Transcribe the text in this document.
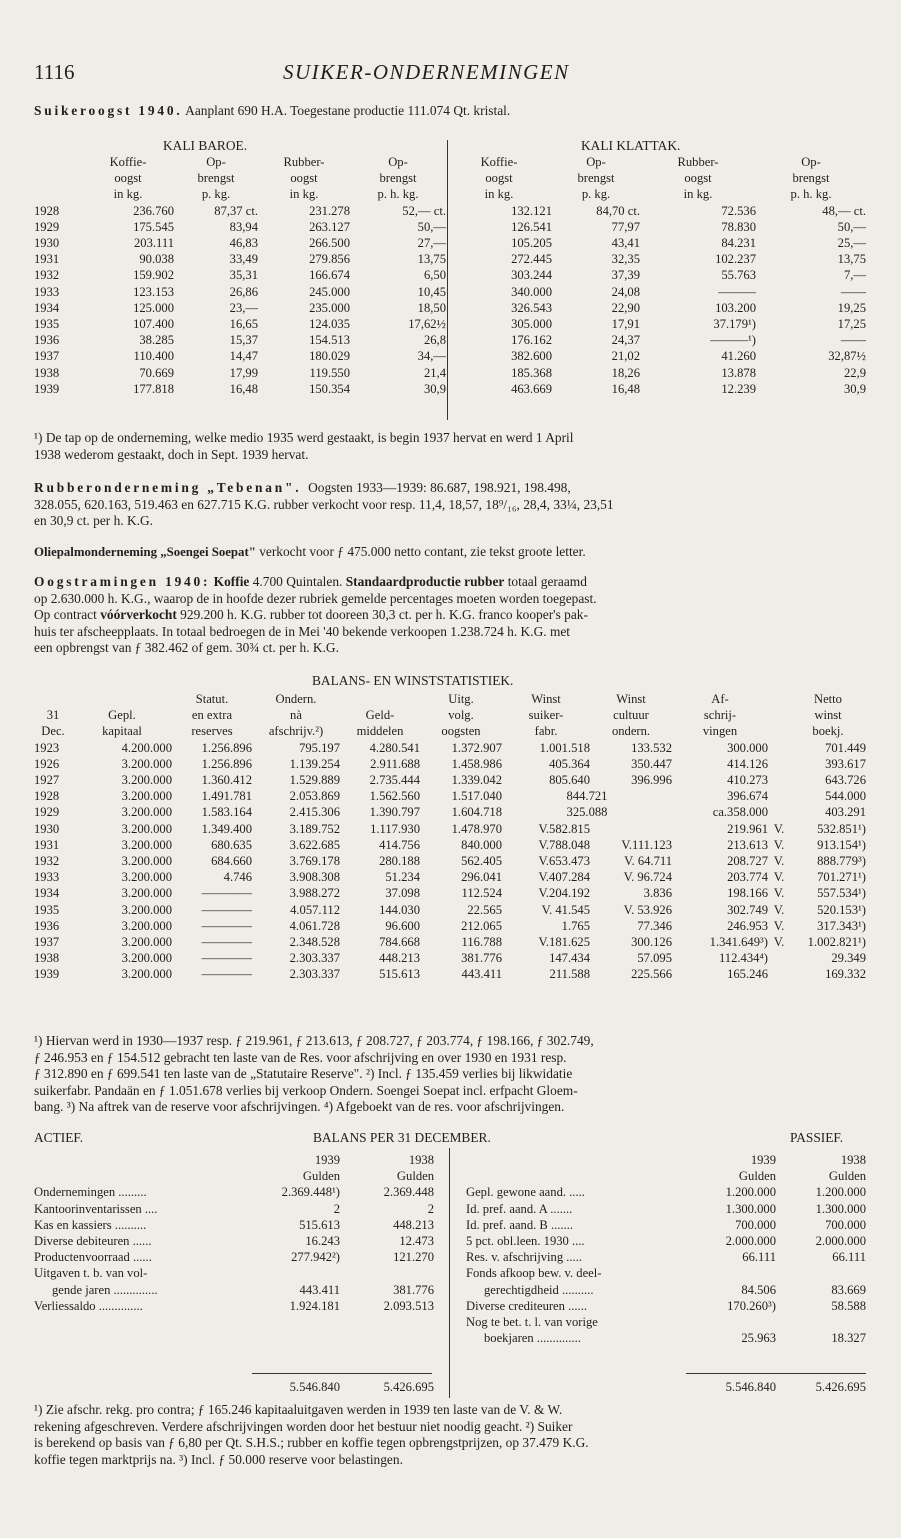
1116	SUIKER-ONDERNEMINGEN
Suikeroogst 1940. Aanplant 690 H.A. Toegestane productie 111.074 Qt. kristal.
KALI BAROE.	KALI KLATTAK.
	Koffie-	Op-	Rubber-	Op-	Koffie-	Op-	Rubber-	Op-
	oogst	brengst	oogst	brengst	oogst	brengst	oogst	brengst
	in kg.	p. kg.	in kg.	p. h. kg.	in kg.	p. kg.	in kg.	p. h. kg.
1928	236.760	87,37 ct.	231.278	52,— ct.	132.121	84,70 ct.	72.536	48,— ct.
1929	175.545	83,94	263.127	50,—	126.541	77,97	78.830	50,—
1930	203.111	46,83	266.500	27,—	105.205	43,41	84.231	25,—
1931	90.038	33,49	279.856	13,75	272.445	32,35	102.237	13,75
1932	159.902	35,31	166.674	6,50	303.244	37,39	55.763	7,—
1933	123.153	26,86	245.000	10,45	340.000	24,08	———	——
1934	125.000	23,—	235.000	18,50	326.543	22,90	103.200	19,25
1935	107.400	16,65	124.035	17,62½	305.000	17,91	37.179¹)	17,25
1936	38.285	15,37	154.513	26,8	176.162	24,37	———¹)	——
1937	110.400	14,47	180.029	34,—	382.600	21,02	41.260	32,87½
1938	70.669	17,99	119.550	21,4	185.368	18,26	13.878	22,9
1939	177.818	16,48	150.354	30,9	463.669	16,48	12.239	30,9

¹) De tap op de onderneming, welke medio 1935 werd gestaakt, is begin 1937 hervat en werd 1 April

1938 wederom gestaakt, doch in Sept. 1939 hervat.

Rubberonderneming „Tebenan". Oogsten 1933—1939: 86.687, 198.921, 198.498,

328.055, 620.163, 519.463 en 627.715 K.G. rubber verkocht voor resp. 11,4, 18,57, 18⁹/₁₆, 28,4, 33¼, 23,51

en 30,9 ct. per h. K.G.

Oliepalmonderneming „Soengei Soepat" verkocht voor ƒ 475.000 netto contant, zie tekst groote letter.

Oogstramingen 1940: Koffie 4.700 Quintalen. Standaardproductie rubber totaal geraamd

op 2.630.000 h. K.G., waarop de in hoofde dezer rubriek gemelde percentages moeten worden toegepast.

Op contract vóórverkocht 929.200 h. K.G. rubber tot dooreen 30,3 ct. per h. K.G. franco kooper's pak-

huis ter afscheepplaats. In totaal bedroegen de in Mei '40 bekende verkoopen 1.238.724 h. K.G. met

een opbrengst van ƒ 382.462 of gem. 30¾ ct. per h. K.G.

BALANS- EN WINSTSTATISTIEK.
		Statut.	Ondern.		Uitg.	Winst	Winst	Af-		Netto
31	Gepl.	en extra	nà	Geld-	volg.	suiker-	cultuur	schrij-		winst
Dec.	kapitaal	reserves	afschrijv.²)	middelen	oogsten	fabr.	ondern.	vingen		boekj.
1923	4.200.000	1.256.896	795.197	4.280.541	1.372.907	1.001.518	133.532	300.000		701.449
1926	3.200.000	1.256.896	1.139.254	2.911.688	1.458.986	405.364	350.447	414.126		393.617
1927	3.200.000	1.360.412	1.529.889	2.735.444	1.339.042	805.640	396.996	410.273		643.726
1928	3.200.000	1.491.781	2.053.869	1.562.560	1.517.040	844.721		396.674		544.000
1929	3.200.000	1.583.164	2.415.306	1.390.797	1.604.718	325.088		ca.358.000		403.291
1930	3.200.000	1.349.400	3.189.752	1.117.930	1.478.970	V.582.815		219.961	V.	532.851¹)
1931	3.200.000	680.635	3.622.685	414.756	840.000	V.788.048	V.111.123	213.613	V.	913.154¹)
1932	3.200.000	684.660	3.769.178	280.188	562.405	V.653.473	V. 64.711	208.727	V.	888.779³)
1933	3.200.000	4.746	3.908.308	51.234	296.041	V.407.284	V. 96.724	203.774	V.	701.271¹)
1934	3.200.000	————	3.988.272	37.098	112.524	V.204.192	3.836	198.166	V.	557.534¹)
1935	3.200.000	————	4.057.112	144.030	22.565	V. 41.545	V. 53.926	302.749	V.	520.153¹)
1936	3.200.000	————	4.061.728	96.600	212.065	1.765	77.346	246.953	V.	317.343¹)
1937	3.200.000	————	2.348.528	784.668	116.788	V.181.625	300.126	1.341.649³)	V.	1.002.821¹)
1938	3.200.000	————	2.303.337	448.213	381.776	147.434	57.095	112.434⁴)		29.349
1939	3.200.000	————	2.303.337	515.613	443.411	211.588	225.566	165.246		169.332

¹) Hiervan werd in 1930—1937 resp. ƒ 219.961, ƒ 213.613, ƒ 208.727, ƒ 203.774, ƒ 198.166, ƒ 302.749,

ƒ 246.953 en ƒ 154.512 gebracht ten laste van de Res. voor afschrijving en over 1930 en 1931 resp.

ƒ 312.890 en ƒ 699.541 ten laste van de „Statutaire Reserve". ²) Incl. ƒ 135.459 verlies bij likwidatie

suikerfabr. Pandaän en ƒ 1.051.678 verlies bij verkoop Ondern. Soengei Soepat incl. erfpacht Gloem-

bang. ³) Na aftrek van de reserve voor afschrijvingen. ⁴) Afgeboekt van de res. voor afschrijvingen.

ACTIEF.	BALANS PER 31 DECEMBER.	PASSIEF.
	1939	1938
	Gulden	Gulden
Ondernemingen .........	2.369.448¹)	2.369.448
Kantoorinventarissen ....	2	2
Kas en kassiers ..........	515.613	448.213
Diverse debiteuren ......	16.243	12.473
Productenvoorraad ......	277.942²)	121.270
Uitgaven t. b. van vol-		
gende jaren ..............	443.411	381.776
Verliessaldo ..............	1.924.181	2.093.513
	1939	1938
	Gulden	Gulden
Gepl. gewone aand. .....	1.200.000	1.200.000
Id. pref. aand. A .......	1.300.000	1.300.000
Id. pref. aand. B .......	700.000	700.000
5 pct. obl.leen. 1930 ....	2.000.000	2.000.000
Res. v. afschrijving .....	66.111	66.111
Fonds afkoop bew. v. deel-		
gerechtigdheid ..........	84.506	83.669
Diverse crediteuren ......	170.260³)	58.588
Nog te bet. t. l. van vorige		
boekjaren ..............	25.963	18.327
5.546.840	5.426.695	5.546.840	5.426.695

¹) Zie afschr. rekg. pro contra; ƒ 165.246 kapitaaluitgaven werden in 1939 ten laste van de V. & W.

rekening afgeschreven. Verdere afschrijvingen worden door het bestuur niet noodig geacht. ²) Suiker

is berekend op basis van ƒ 6,80 per Qt. S.H.S.; rubber en koffie tegen opbrengstprijzen, op 37.479 K.G.

koffie tegen marktprijs na. ³) Incl. ƒ 50.000 reserve voor belastingen.
